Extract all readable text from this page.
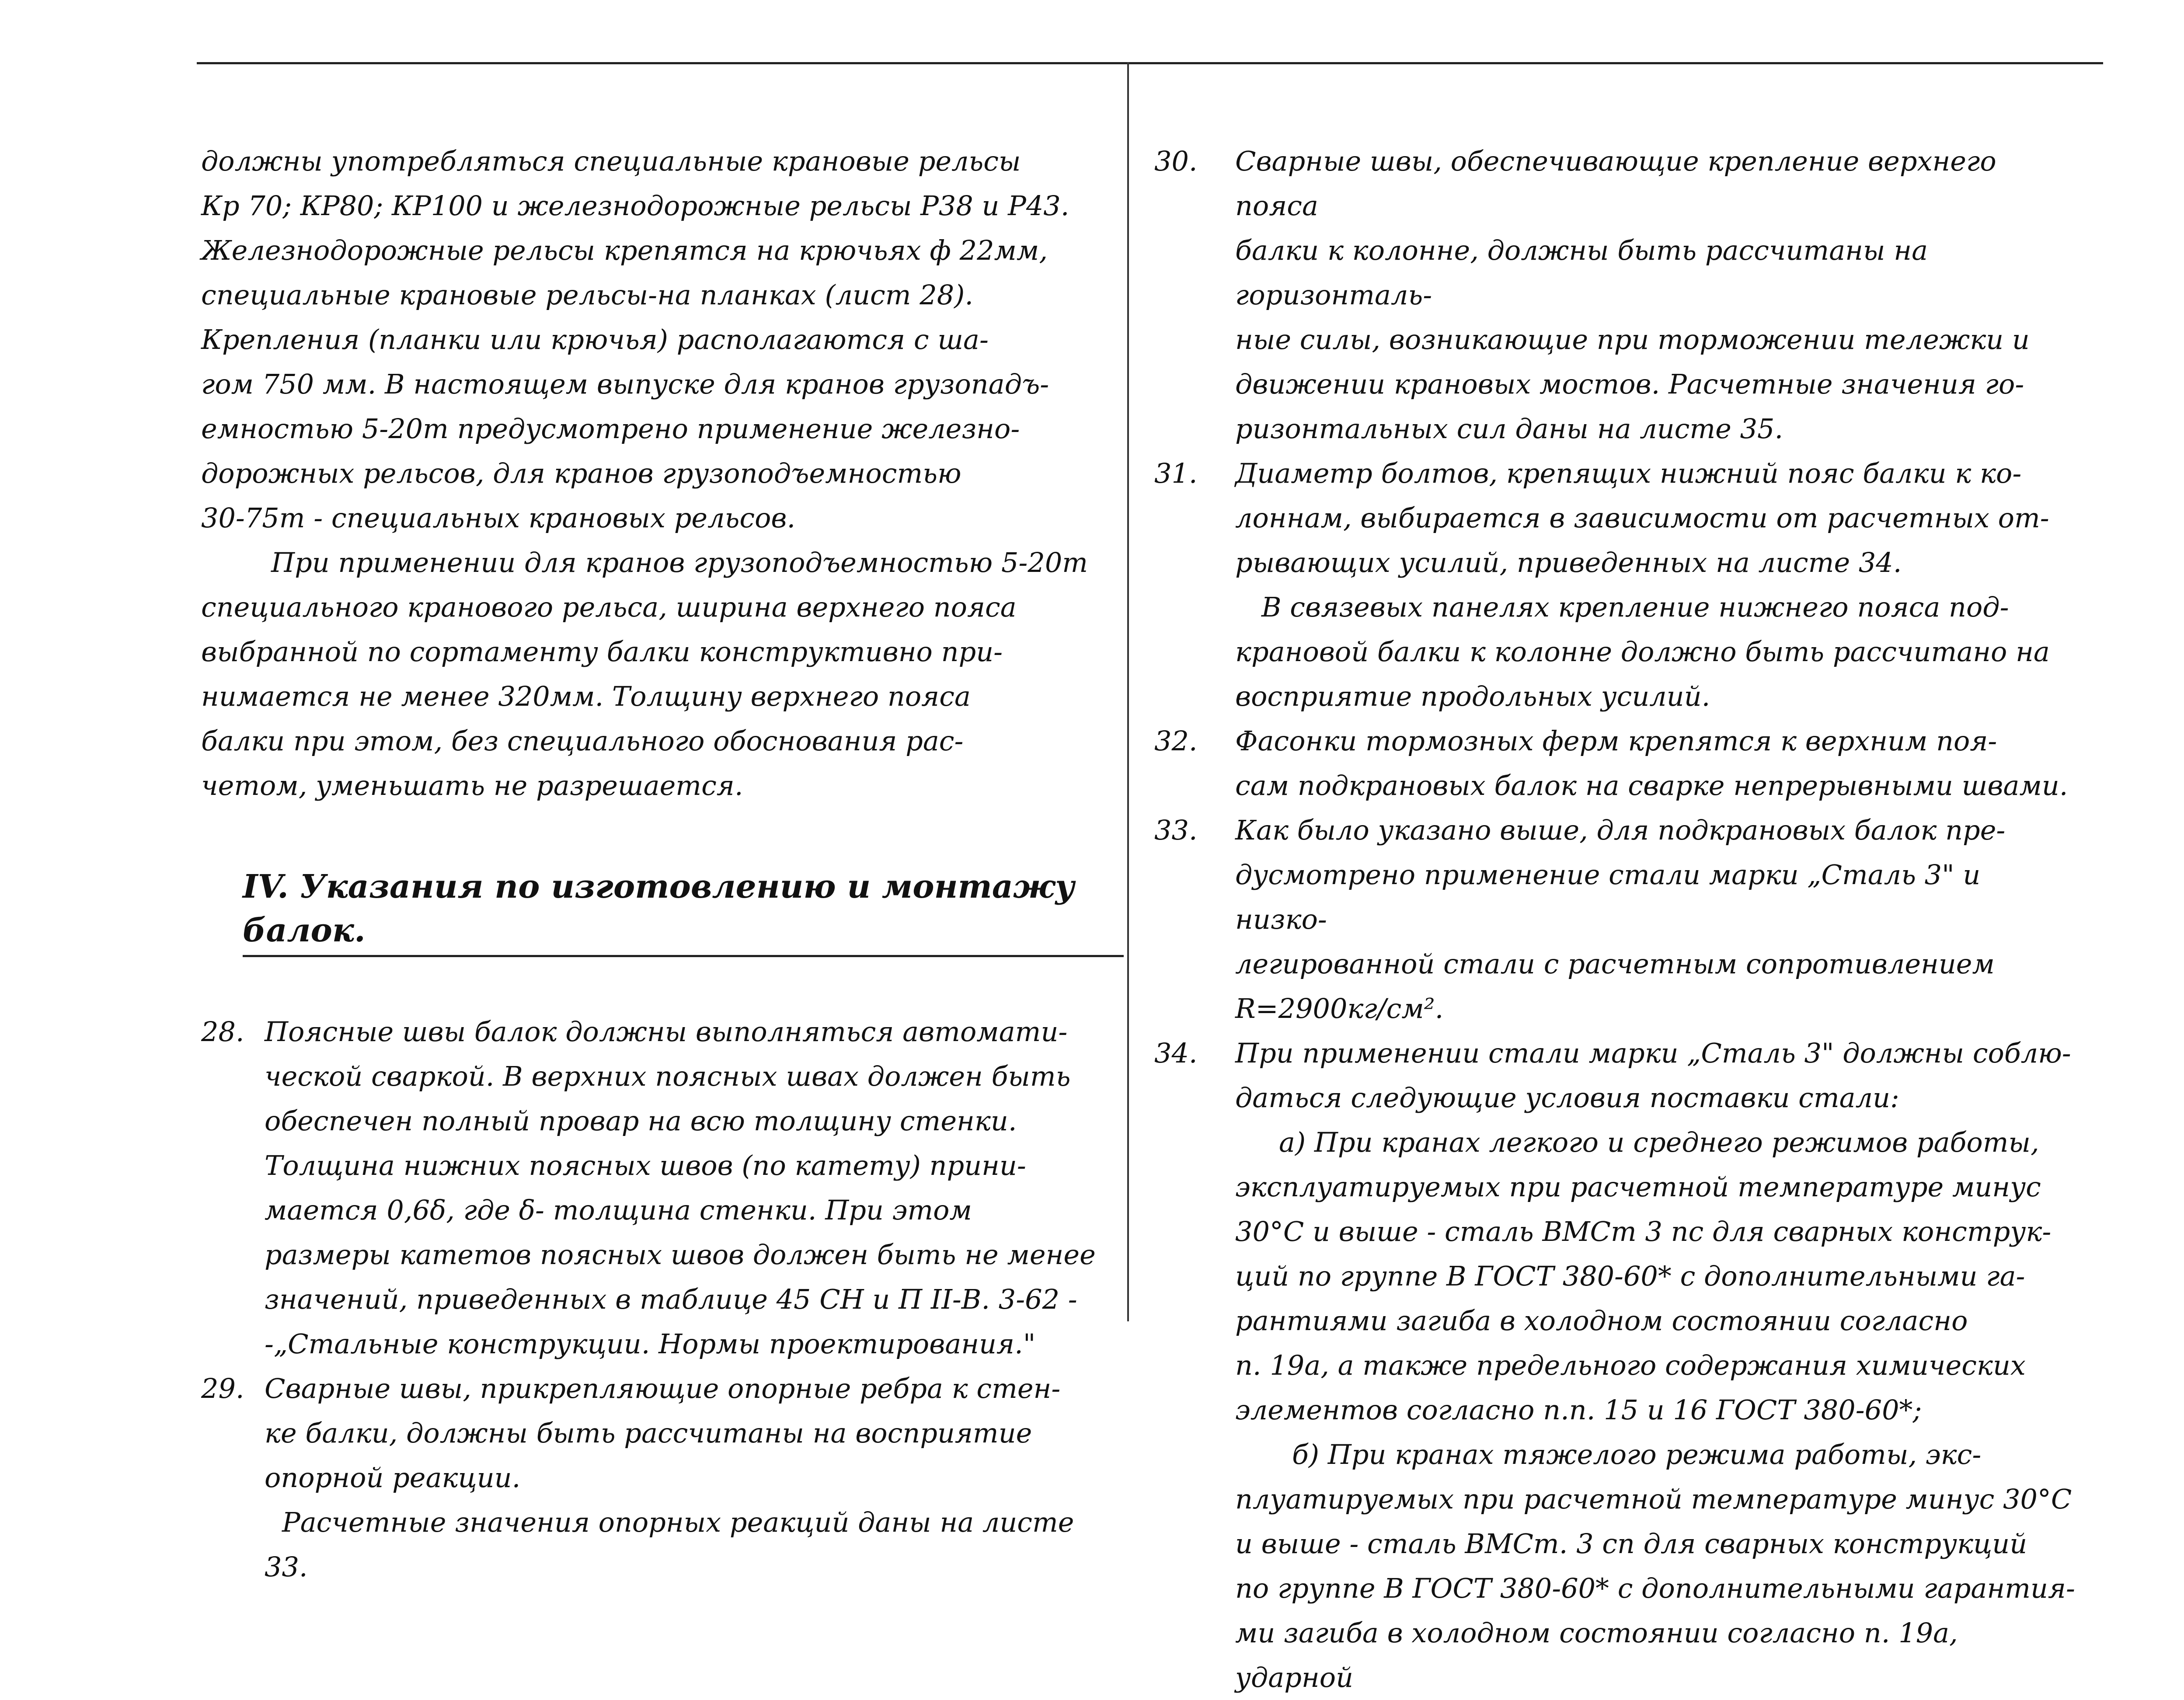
должны употребляться специальные крановые рельсы

Кр 70; КР80; КР100 и железнодорожные рельсы Р38 и Р43.

Железнодорожные рельсы крепятся на крючьях ф 22мм,

специальные крановые рельсы-на планках (лист 28).

Крепления (планки или крючья) располагаются с ша-

гом 750 мм. В настоящем выпуске для кранов грузопадъ-

емностью 5-20т предусмотрено применение железно-

дорожных рельсов, для кранов грузоподъемностью

30-75т - специальных крановых рельсов.

При применении для кранов грузоподъемностью 5-20т

специального кранового рельса, ширина верхнего пояса

выбранной по сортаменту балки конструктивно при-

нимается не менее 320мм. Толщину верхнего пояса

балки при этом, без специального обоснования рас-

четом, уменьшать не разрешается.

IV. Указания по изготовлению и монтажу балок.
28. Поясные швы балок должны выполняться автомати-

ческой сваркой. В верхних поясных швах должен быть

обеспечен полный провар на всю толщину стенки.

Толщина нижних поясных швов (по катету) прини-

мается 0,6δ, где δ- толщина стенки. При этом

размеры катетов поясных швов должен быть не менее

значений, приведенных в таблице 45 СН и П II-В. 3-62 -

-„Стальные конструкции. Нормы проектирования."

29. Сварные швы, прикрепляющие опорные ребра к стен-

ке балки, должны быть рассчитаны на восприятие

опорной реакции.

Расчетные значения опорных реакций даны на листе 33.

30. Сварные швы, обеспечивающие крепление верхнего пояса

балки к колонне, должны быть рассчитаны на горизонталь-

ные силы, возникающие при торможении тележки и

движении крановых мостов. Расчетные значения го-

ризонтальных сил даны на листе 35.

31. Диаметр болтов, крепящих нижний пояс балки к ко-

лоннам, выбирается в зависимости от расчетных от-

рывающих усилий, приведенных на листе 34.

В связевых панелях крепление нижнего пояса под-

крановой балки к колонне должно быть рассчитано на

восприятие продольных усилий.

32. Фасонки тормозных ферм крепятся к верхним поя-

сам подкрановых балок на сварке непрерывными швами.

33. Как было указано выше, для подкрановых балок пре-

дусмотрено применение стали марки „Сталь 3" и низко-

легированной стали с расчетным сопротивлением R=2900кг/см².

34. При применении стали марки „Сталь 3" должны соблю-

даться следующие условия поставки стали:

а) При кранах легкого и среднего режимов работы,

эксплуатируемых при расчетной температуре минус

30°С и выше - сталь ВМСт 3 пс для сварных конструк-

ций по группе В ГОСТ 380-60* с дополнительными га-

рантиями загиба в холодном состоянии согласно

п. 19а, а также предельного содержания химических

элементов согласно п.п. 15 и 16 ГОСТ 380-60*;

б) При кранах тяжелого режима работы, экс-

плуатируемых при расчетной температуре минус 30°С

и выше - сталь ВМСт. 3 сп для сварных конструкций

по группе В ГОСТ 380-60* с дополнительными гарантия-

ми загиба в холодном состоянии согласно п. 19а, ударной
